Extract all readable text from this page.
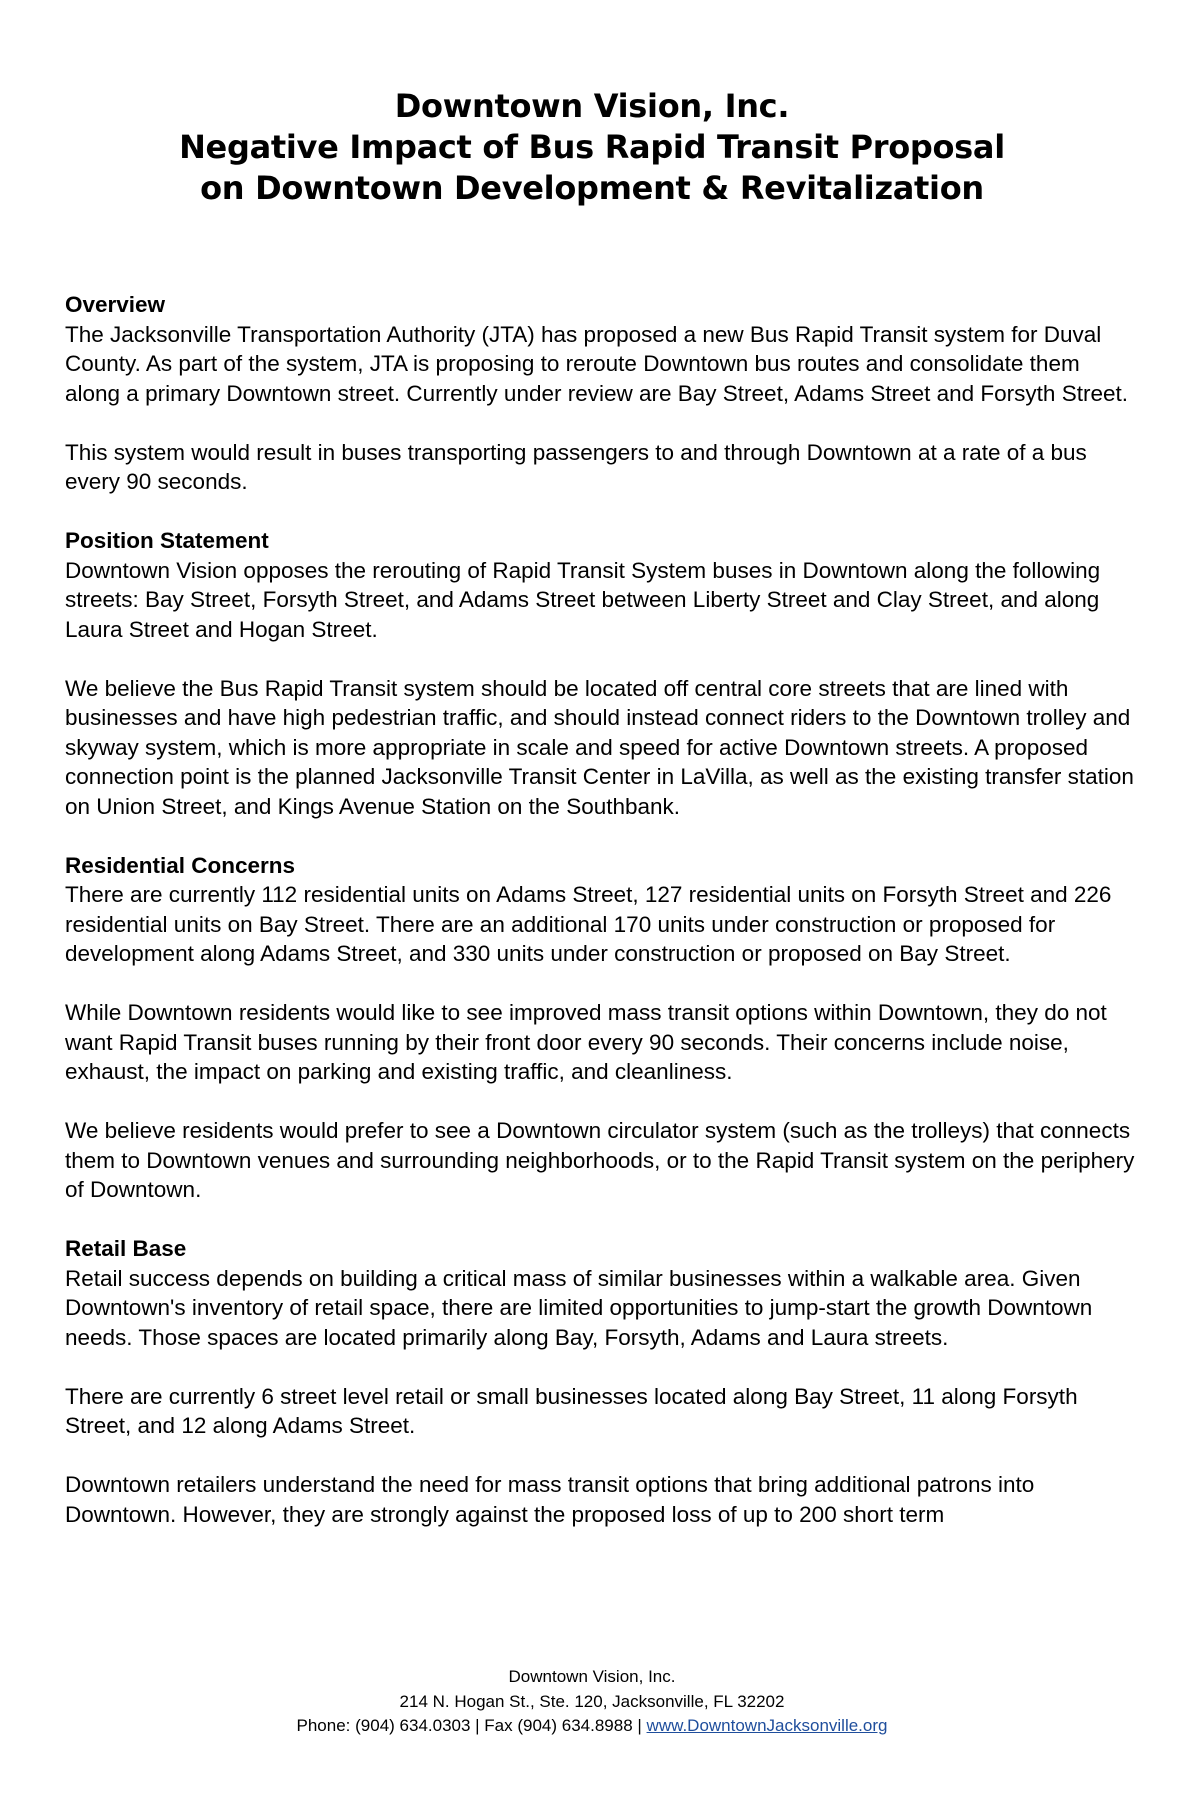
Downtown Vision, Inc.

Negative Impact of Bus Rapid Transit Proposal

on Downtown Development & Revitalization

Overview

The Jacksonville Transportation Authority (JTA) has proposed a new Bus Rapid Transit system for Duval County. As part of the system, JTA is proposing to reroute Downtown bus routes and consolidate them along a primary Downtown street. Currently under review are Bay Street, Adams Street and Forsyth Street.

This system would result in buses transporting passengers to and through Downtown at a rate of a bus every 90 seconds.

Position Statement

Downtown Vision opposes the rerouting of Rapid Transit System buses in Downtown along the following streets: Bay Street, Forsyth Street, and Adams Street between Liberty Street and Clay Street, and along Laura Street and Hogan Street.

We believe the Bus Rapid Transit system should be located off central core streets that are lined with businesses and have high pedestrian traffic, and should instead connect riders to the Downtown trolley and skyway system, which is more appropriate in scale and speed for active Downtown streets. A proposed connection point is the planned Jacksonville Transit Center in LaVilla, as well as the existing transfer station on Union Street, and Kings Avenue Station on the Southbank.

Residential Concerns

There are currently 112 residential units on Adams Street, 127 residential units on Forsyth Street and 226 residential units on Bay Street. There are an additional 170 units under construction or proposed for development along Adams Street, and 330 units under construction or proposed on Bay Street.

While Downtown residents would like to see improved mass transit options within Downtown, they do not want Rapid Transit buses running by their front door every 90 seconds. Their concerns include noise, exhaust, the impact on parking and existing traffic, and cleanliness.

We believe residents would prefer to see a Downtown circulator system (such as the trolleys) that connects them to Downtown venues and surrounding neighborhoods, or to the Rapid Transit system on the periphery of Downtown.

Retail Base

Retail success depends on building a critical mass of similar businesses within a walkable area. Given Downtown's inventory of retail space, there are limited opportunities to jump-start the growth Downtown needs. Those spaces are located primarily along Bay, Forsyth, Adams and Laura streets.

There are currently 6 street level retail or small businesses located along Bay Street, 11 along Forsyth Street, and 12 along Adams Street.

Downtown retailers understand the need for mass transit options that bring additional patrons into Downtown. However, they are strongly against the proposed loss of up to 200 short term

Downtown Vision, Inc.

214 N. Hogan St., Ste. 120, Jacksonville, FL 32202

Phone: (904) 634.0303 | Fax (904) 634.8988 | www.DowntownJacksonville.org
